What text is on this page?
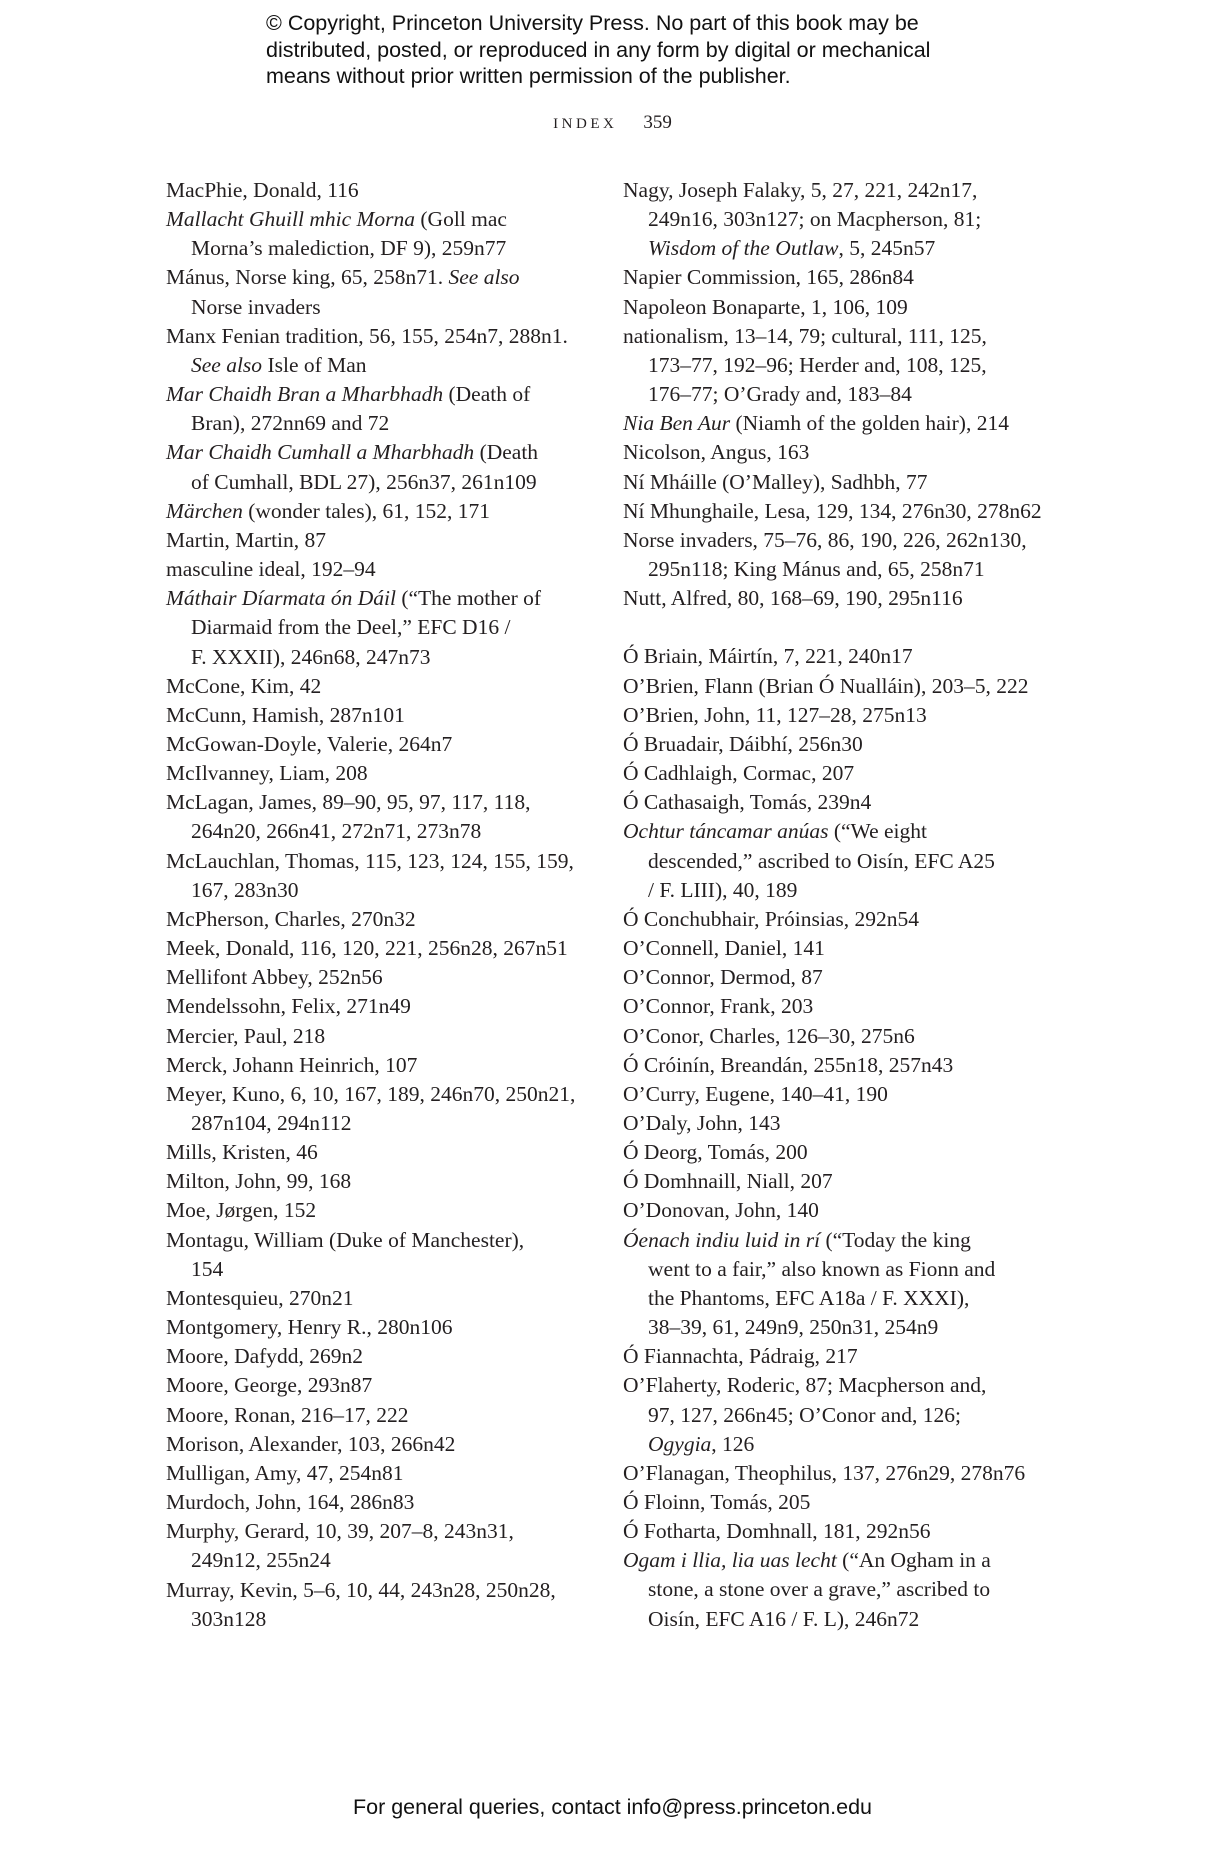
© Copyright, Princeton University Press. No part of this book may be
distributed, posted, or reproduced in any form by digital or mechanical
means without prior written permission of the publisher.
INDEX 359

MacPhie, Donald, 116

Mallacht Ghuill mhic Morna (Goll mac
Morna’s malediction, DF 9), 259n77

Mánus, Norse king, 65, 258n71. See also
Norse invaders

Manx Fenian tradition, 56, 155, 254n7, 288n1.
See also Isle of Man

Mar Chaidh Bran a Mharbhadh (Death of
Bran), 272nn69 and 72

Mar Chaidh Cumhall a Mharbhadh (Death
of Cumhall, BDL 27), 256n37, 261n109

Märchen (wonder tales), 61, 152, 171

Martin, Martin, 87

masculine ideal, 192–94

Máthair Díarmata ón Dáil (“The mother of
Diarmaid from the Deel,” EFC D16 /
F. XXXII), 246n68, 247n73

McCone, Kim, 42

McCunn, Hamish, 287n101

McGowan-Doyle, Valerie, 264n7

McIlvanney, Liam, 208

McLagan, James, 89–90, 95, 97, 117, 118,
264n20, 266n41, 272n71, 273n78

McLauchlan, Thomas, 115, 123, 124, 155, 159,
167, 283n30

McPherson, Charles, 270n32

Meek, Donald, 116, 120, 221, 256n28, 267n51

Mellifont Abbey, 252n56

Mendelssohn, Felix, 271n49

Mercier, Paul, 218

Merck, Johann Heinrich, 107

Meyer, Kuno, 6, 10, 167, 189, 246n70, 250n21,
287n104, 294n112

Mills, Kristen, 46

Milton, John, 99, 168

Moe, Jørgen, 152

Montagu, William (Duke of Manchester),
154

Montesquieu, 270n21

Montgomery, Henry R., 280n106

Moore, Dafydd, 269n2

Moore, George, 293n87

Moore, Ronan, 216–17, 222

Morison, Alexander, 103, 266n42

Mulligan, Amy, 47, 254n81

Murdoch, John, 164, 286n83

Murphy, Gerard, 10, 39, 207–8, 243n31,
249n12, 255n24

Murray, Kevin, 5–6, 10, 44, 243n28, 250n28,
303n128

Nagy, Joseph Falaky, 5, 27, 221, 242n17,
249n16, 303n127; on Macpherson, 81;
Wisdom of the Outlaw, 5, 245n57

Napier Commission, 165, 286n84

Napoleon Bonaparte, 1, 106, 109

nationalism, 13–14, 79; cultural, 111, 125,
173–77, 192–96; Herder and, 108, 125,
176–77; O’Grady and, 183–84

Nia Ben Aur (Niamh of the golden hair), 214

Nicolson, Angus, 163

Ní Mháille (O’Malley), Sadhbh, 77

Ní Mhunghaile, Lesa, 129, 134, 276n30, 278n62

Norse invaders, 75–76, 86, 190, 226, 262n130,
295n118; King Mánus and, 65, 258n71

Nutt, Alfred, 80, 168–69, 190, 295n116

Ó Briain, Máirtín, 7, 221, 240n17

O’Brien, Flann (Brian Ó Nualláin), 203–5, 222

O’Brien, John, 11, 127–28, 275n13

Ó Bruadair, Dáibhí, 256n30

Ó Cadhlaigh, Cormac, 207

Ó Cathasaigh, Tomás, 239n4

Ochtur táncamar anúas (“We eight
descended,” ascribed to Oisín, EFC A25
/ F. LIII), 40, 189

Ó Conchubhair, Próinsias, 292n54

O’Connell, Daniel, 141

O’Connor, Dermod, 87

O’Connor, Frank, 203

O’Conor, Charles, 126–30, 275n6

Ó Cróinín, Breandán, 255n18, 257n43

O’Curry, Eugene, 140–41, 190

O’Daly, John, 143

Ó Deorg, Tomás, 200

Ó Domhnaill, Niall, 207

O’Donovan, John, 140

Óenach indiu luid in rí (“Today the king
went to a fair,” also known as Fionn and
the Phantoms, EFC A18a / F. XXXI),
38–39, 61, 249n9, 250n31, 254n9

Ó Fiannachta, Pádraig, 217

O’Flaherty, Roderic, 87; Macpherson and,
97, 127, 266n45; O’Conor and, 126;
Ogygia, 126

O’Flanagan, Theophilus, 137, 276n29, 278n76

Ó Floinn, Tomás, 205

Ó Fotharta, Domhnall, 181, 292n56

Ogam i llia, lia uas lecht (“An Ogham in a
stone, a stone over a grave,” ascribed to
Oisín, EFC A16 / F. L), 246n72

For general queries, contact info@press.princeton.edu
